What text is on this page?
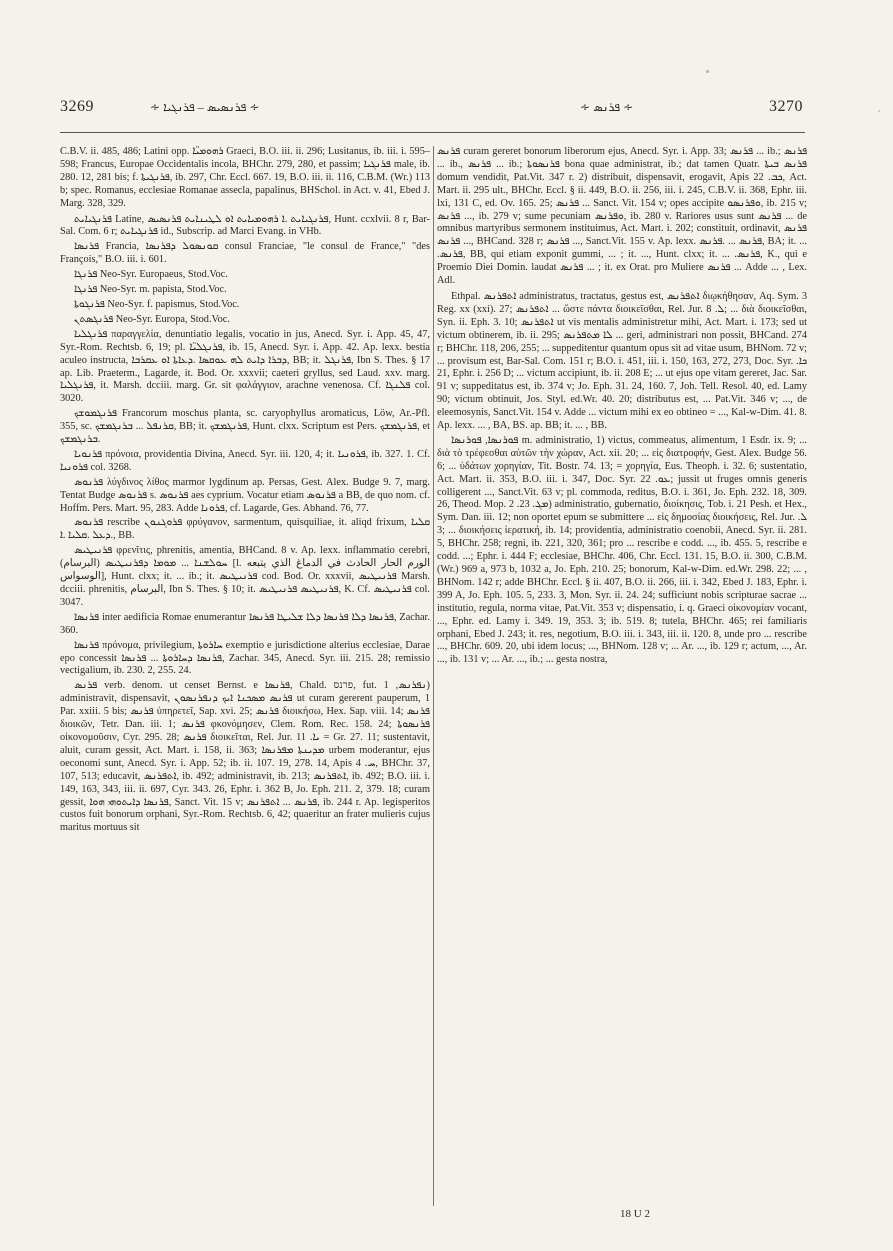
3269	∻ ܦܪܢܣܝܣ – ܦܪܢܓܝܐ ∻	∻ ܦܪܢܣ ∻	3270

C.B.V. ii. 485, 486; Latini opp. ܪܗܘܡܝ̈ܐ Graeci, B.O. iii. ii. 296; Lusitanus, ib. iii. i. 595–598; Francus, Europae Occidentalis incola, BHChr. 279, 280, et passim; ܦܪܢܓܝܐ male, ib. 280. 12, 281 bis; f. ܦܪܢܓܝܬܐ, ib. 297, Chr. Eccl. 667. 19, B.O. iii. ii. 116, C.B.M. (Wr.) 113 b; spec. Romanus, ecclesiae Romanae assecla, papalinus, BHSchol. in Act. v. 41, Ebed J. Marg. 328, 329.

ܦܪܢܓܝܐܝܬ Latine, ܦܪܢܓܝܐܝܬ .ܐ ܪܗܘܡܝܐܝܬ ܐܘ ܠܛܝܢܐܝܬ ܦܪܢܣܝܣ, Hunt. ccxlvii. 8 r, Bar-Sal. Com. 6 r; ܦܪܢܓܝܐܝܬ id., Subscrip. ad Marci Evang. in VHb.

ܦܪܢܣܐ Francia, ܩܘܢܣܘܠ ܕܦܪܢܣܐ consul Franciae, "le consul de France," "des François," B.O. iii. i. 601.

ܦܪܢܓܐ Neo-Syr. Europaeus, Stod.Voc.

ܦܪܢܓܐ Neo-Syr. m. papista, Stod.Voc.

ܦܪܢܓܘܬܐ Neo-Syr. f. papismus, Stod.Voc.

ܦܪܢܓܣܬܢ Neo-Syr. Europa, Stod.Voc.

ܦܪܢܓܠܝܐ παραγγελία, denuntiatio legalis, vocatio in jus, Anecd. Syr. i. App. 45, 47, Syr.-Rom. Rechtsb. 6, 19; pl. ܦܪܢܓܠܝ̈ܐ, ib. 15, Anecd. Syr. i. App. 42. Ap. lexx. bestia aculeo instructa, ܕܒܪܐ ܕܐܝܬ ܠܗ ܥܘܩܣܐ .ܕܥܐܬܐ ܐܘ ܥܩܪܒܐ, BB; it. ܦܪܢܓܠ, Ibn S. Thes. § 17 ap. Lib. Praeterm., Lagarde, it. Bod. Or. xxxvii; caeteri gryllus, sed Laud. xxv. marg. ܦܪܢܓܠܝܐ, it. Marsh. dcciii. marg. Gr. sit φαλάγγιον, arachne venenosa. Cf. ܦܠܢܓܐ col. 3020.

ܦܪܢܓܡܘܫܟ Francorum moschus planta, sc. caryophyllus aromaticus, Löw, Ar.-Pfl. 355, sc. ܩܪܢܦܠ ... ܒܪܢܓܡܫܟ, BB; it. ܦܪܢܓܡܫܟ, Hunt. clxx. Scriptum est Pers. ܦܪܢܓܡܫܟ, et ܒܪܢܓܡܫܟ.

ܦܪܢܘܝܐ πρόνοια, providentia Divina, Anecd. Syr. iii. 120, 4; it. ܦܪܘܢܝܐ, ib. 327. 1. Cf. ܦܪܘܢܝܐ col. 3268.

ܦܪܢܘܣ λύγδινος λίθος marmor lygdinum ap. Persas, Gest. Alex. Budge 9. 7, marg. Tentat Budge ܦܪܢܘܣ s. ܦܪܢܘܣ aes cyprium. Vocatur etiam ܦܪܢܘܣ a BB, de quo nom. cf. Hoffm. Pers. Mart. 95, 283. Adde ܦܪܘܢܐ, cf. Lagarde, Ges. Abhand. 76, 77.

ܦܪܢܘܣ rescribe ܦܪܘܓܢܘܢ φρύγανον, sarmentum, quisquiliae, it. aliqd frixum, ܩܠܝܐ .ܕܥܠ .ܩܠܝܐ .ܐ, BB.

ܦܪܢܝܛܝܣ φρενῖτις, phrenitis, amentia, BHCand. 8 v. Ap. lexx. inflammatio cerebri, ܚܘܠܫܢܐ ... ܡܘܡܐ ܕܦܪܢܝܛܝܣ (البرسام) [l. الورم الحار الحادث في الدماغ الذي يتبعه الوسواس], Hunt. clxx; it. ... ib.; it. ܦܪܢܝܛܝܣ cod. Bod. Or. xxxvii, ܦܪܢܝܛܝܣ Marsh. dcciii. phrenitis, البرسام, Ibn S. Thes. § 10; it. ܦܪܢܝܛܝܣ ܦܪܢܝܛܝܣ, K. Cf. ܦܪܢܝܛܝܣ col. 3047.

ܦܪܢܣܐ inter aedificia Romae enumerantur ܦܪܢܣܐ ܕܠܐ ܦܪܢܣܐ ܕܠܐ ܫܠܝܛܐ ܦܪܢܣܐ, Zachar. 360.

ܦܪܢܣܐ πρόνομα, privilegium, ܚܐܪܘܬܐ exemptio e jurisdictione alterius ecclesiae, Darae epo concessit ܦܪܢܣܐ ܕܚܐܪܘܬܐ ... ܦܪܢܣܐ, Zachar. 345, Anecd. Syr. iii. 215. 28; remissio vectigalium, ib. 230. 2, 255. 24.

ܦܪܢܣ verb. denom. ut censet Bernst. e ܦܪܢܣܐ, Chald. פרנס, fut. ܢܦܪܢܣ, 1) administravit, dispensavit, ܦܪܢܣ ܡܣܟܢܐ ܐܝܟ ܕܢܦܪܢܣܘܢ ut curam gererent pauperum, 1 Par. xxiii. 5 bis; ܦܪܢܣ ὑπηρετεῖ, Sap. xvi. 25; ܦܪܢܣ διοικήσω, Hex. Sap. viii. 14; ܦܪܢܣ διοικῶν, Tetr. Dan. iii. 1; ܦܪܢܣ φκονόμησεν, Clem. Rom. Rec. 158. 24; ܦܪܢܣܘܬܐ οἰκονομοῦσιν, Cyr. 295. 28; ܦܪܢܣ διοικεῖται, Rel. Jur. ܝܐ. 11 = Gr. 27. 11; sustentavit, aluit, curam gessit, Act. Mart. i. 158, ii. 363; ܡܕܝܢܬܐ ܡܦܪܢܣܐ urbem moderantur, ejus oeconomi sunt, Anecd. Syr. i. App. 52; ib. ii. 107. 19, 278. 14, Apis ܚ. 4, BHChr. 37, 107, 513; educavit, ܐܬܦܪܢܣ, ib. 492; administravit, ib. 213; ܐܬܦܪܢܣ, ib. 492; B.O. iii. i. 149, 163, 343, iii. ii. 697, Cyr. 343. 26, Ephr. i. 362 B, Jo. Eph. 211. 2, 379. 18; curam gessit, ܦܪܢܣܐ ܕܐܝܬܘܗܝ ܗܘܐ, Sanct. Vit. 15 v; ܦܪܢܣ ... ܐܬܦܪܢܣ, ib. 244 r. Ap. legisperitos custos fuit bonorum orphani, Syr.-Rom. Rechtsb. 6, 42; quaeritur an frater mulieris cujus maritus mortuus sit

ܦܪܢܣ curam gereret bonorum liberorum ejus, Anecd. Syr. i. App. 33; ܦܪܢܣ ... ib.; ܦܪܢܣ ... ib., ܦܪܢܣ ... ib.; ܦܪܢܣܘܬܐ bona quae administrat, ib.; dat tamen Quatr. ܦܪܢܣ ܒܝܬܐ domum vendidit, Pat.Vit. 347 r. 2) distribuit, dispensavit, erogavit, Apis ܟܒ. 22, Act. Mart. ii. 295 ult., BHChr. Eccl. § ii. 449, B.O. ii. 256, iii. i. 245, C.B.V. ii. 368, Ephr. iii. lxi, 131 C, ed. Ov. 165. 25; ܦܪܢܣ ... Sanct. Vit. 154 v; opes accipite ܘܦܪܢܣܘ, ib. 215 v; ܦܪܢܣ ..., ib. 279 v; sume pecuniam ܘܦܪܢܣ, ib. 280 v. Rariores usus sunt ܦܪܢܣ ... de omnibus martyribus sermonem instituimus, Act. Mart. i. 202; constituit, ordinavit, ܦܪܢܣ ... ܦܪܢܣ, BHCand. 328 r; ܦܪܢܣ ..., Sanct.Vit. 155 v. Ap. lexx. ܦܪܢܣ ... .ܦܪܢܣ, BA; it. ... .ܦܪܢܣ, BB, qui etiam exponit gummi, ... ; it. ..., Hunt. clxx; it. ... .ܦܪܢܣ, K., qui e Proemio Diei Domin. laudat ܦܪܢܣ ... ; it. ex Orat. pro Muliere ܦܪܢܣ ... Adde ... , Lex. Adl.

Ethpal. ܐܬܦܪܢܣ administratus, tractatus, gestus est, ܐܬܦܪܢܣ διῳκήθησαν, Aq. Sym. 3 Reg. xx (xxi). 27; ܐܬܦܪܢܣ ... ὥστε πάντα διοικεῖσθαι, Rel. Jur. ܠ. 8; ... διὰ διοικεῖσθαι, Syn. ii. Eph. 3. 10; ܐܬܦܪܢܣ ut vis mentalis administretur mihi, Act. Mart. i. 173; sed ut victum obtinerem, ib. ii. 295; ܠܐ ܡܬܦܪܢܣ ... geri, administrari non possit, BHCand. 274 r; BHChr. 118, 206, 255; ... suppeditentur quantum opus sit ad vitae usum, BHNom. 72 v; ... provisum est, Bar-Sal. Com. 151 r; B.O. i. 451, iii. i. 150, 163, 272, 273, Doc. Syr. ܟܐ. 21, Ephr. i. 256 D; ... victum accipiunt, ib. ii. 208 E; ... ut ejus ope vitam gereret, Jac. Sar. 91 v; suppeditatus est, ib. 374 v; Jo. Eph. 31. 24, 160. 7, Joh. Tell. Resol. 40, ed. Lamy 90; victum obtinuit, Jos. Styl. ed.Wr. 40. 20; distributus est, ... Pat.Vit. 346 v; ..., de eleemosynis, Sanct.Vit. 154 v. Adde ... victum mihi ex eo obtineo = ..., Kal-w-Dim. 41. 8. Ap. lexx. ... , BA, BS. ap. BB; it. ... , BB.

ܦܘܪܢܣܐ, ܦܘܪܢܣܐ m. administratio, 1) victus, commeatus, alimentum, 1 Esdr. ix. 9; ... διὰ τὸ τρέφεσθαι αὐτῶν τὴν χώραν, Act. xii. 20; ... εἰς διατροφήν, Gest. Alex. Budge 56. 6; ... ὑδάτων χορηγίαν, Tit. Bostr. 74. 13; = χορηγία, Eus. Theoph. i. 32. 6; sustentatio, Act. Mart. ii. 353, B.O. iii. i. 347, Doc. Syr. ܥܘ. 22; jussit ut fruges omnis generis colligerent ..., Sanct.Vit. 63 v; pl. commoda, reditus, B.O. i. 361, Jo. Eph. 232. 18, 309. 26, Theod. Mop. ܡܓ. 23. 2) administratio, gubernatio, διοίκησις, Tob. i. 21 Pesh. et Hex., Sym. Dan. iii. 12; non oportet epum se submittere ... εἰς δημοσίας διοικήσεις, Rel. Jur. ܠ. 3; ... διοικήσεις ἱερατική, ib. 14; providentia, administratio coenobii, Anecd. Syr. ii. 281. 5, BHChr. 258; regni, ib. 221, 320, 361; pro ... rescribe e codd. ..., ib. 455. 5, rescribe e codd. ...; Ephr. i. 444 F; ecclesiae, BHChr. 406, Chr. Eccl. 131. 15, B.O. ii. 300, C.B.M. (Wr.) 969 a, 973 b, 1032 a, Jo. Eph. 210. 25; bonorum, Kal-w-Dim. ed.Wr. 298. 22; ... , BHNom. 142 r; adde BHChr. Eccl. § ii. 407, B.O. ii. 266, iii. i. 342, Ebed J. 183, Ephr. i. 399 A, Jo. Eph. 105. 5, 233. 3, Mon. Syr. ii. 24. 24; sufficiunt nobis scripturae sacrae ... institutio, regula, norma vitae, Pat.Vit. 353 v; dispensatio, i. q. Graeci οἰκονομίαν vocant, ..., Ephr. ed. Lamy i. 349. 19, 353. 3; ib. 519. 8; tutela, BHChr. 465; rei familiaris orphani, Ebed J. 243; it. res, negotium, B.O. iii. i. 343, iii. ii. 120. 8, unde pro ... rescribe ..., BHChr. 609. 20, ubi idem locus; ..., BHNom. 128 v; ... Ar. ..., ib. 129 r; actum, ..., Ar. ..., ib. 131 v; ... Ar. ..., ib.; ... gesta nostra,

18 U 2
